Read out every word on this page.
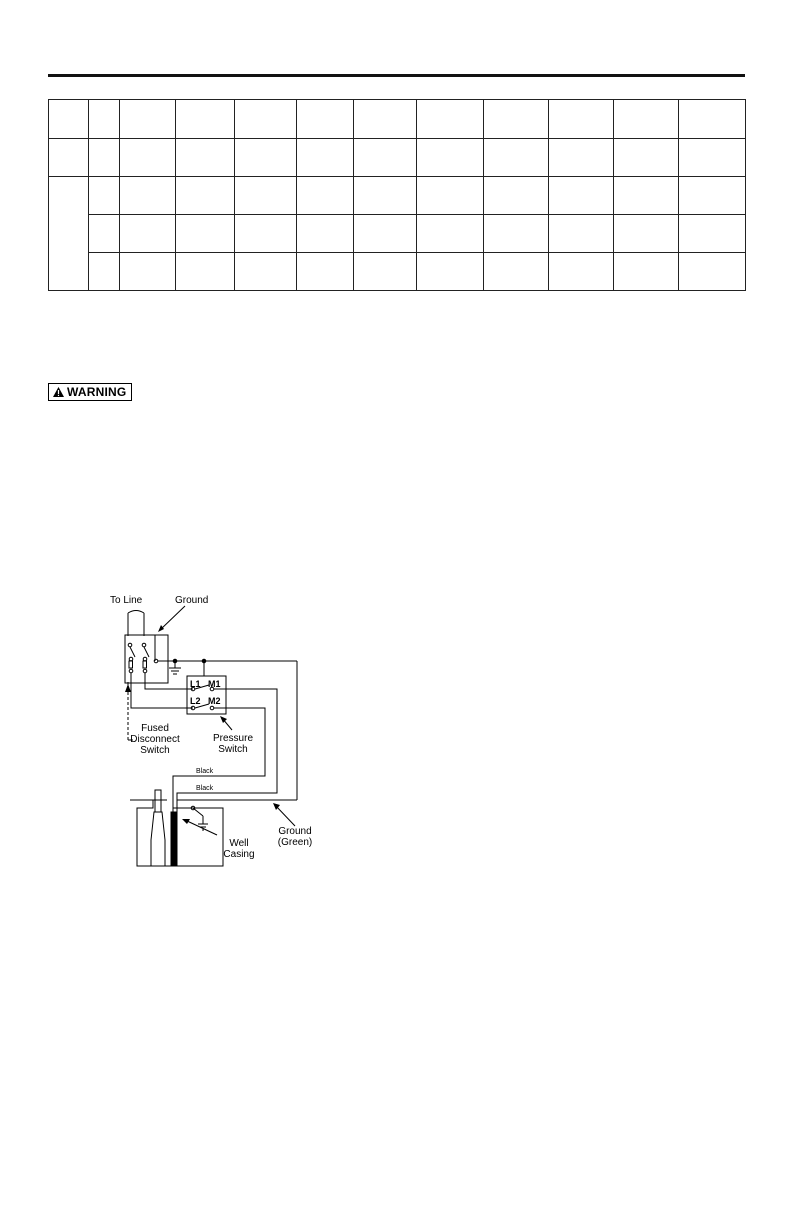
WARNING
To Line	Ground
L1 M1
L2 M2
Black
Black
Fused
Disconnect
Switch
Pressure
Switch
Ground
(Green)
Well
Casing
